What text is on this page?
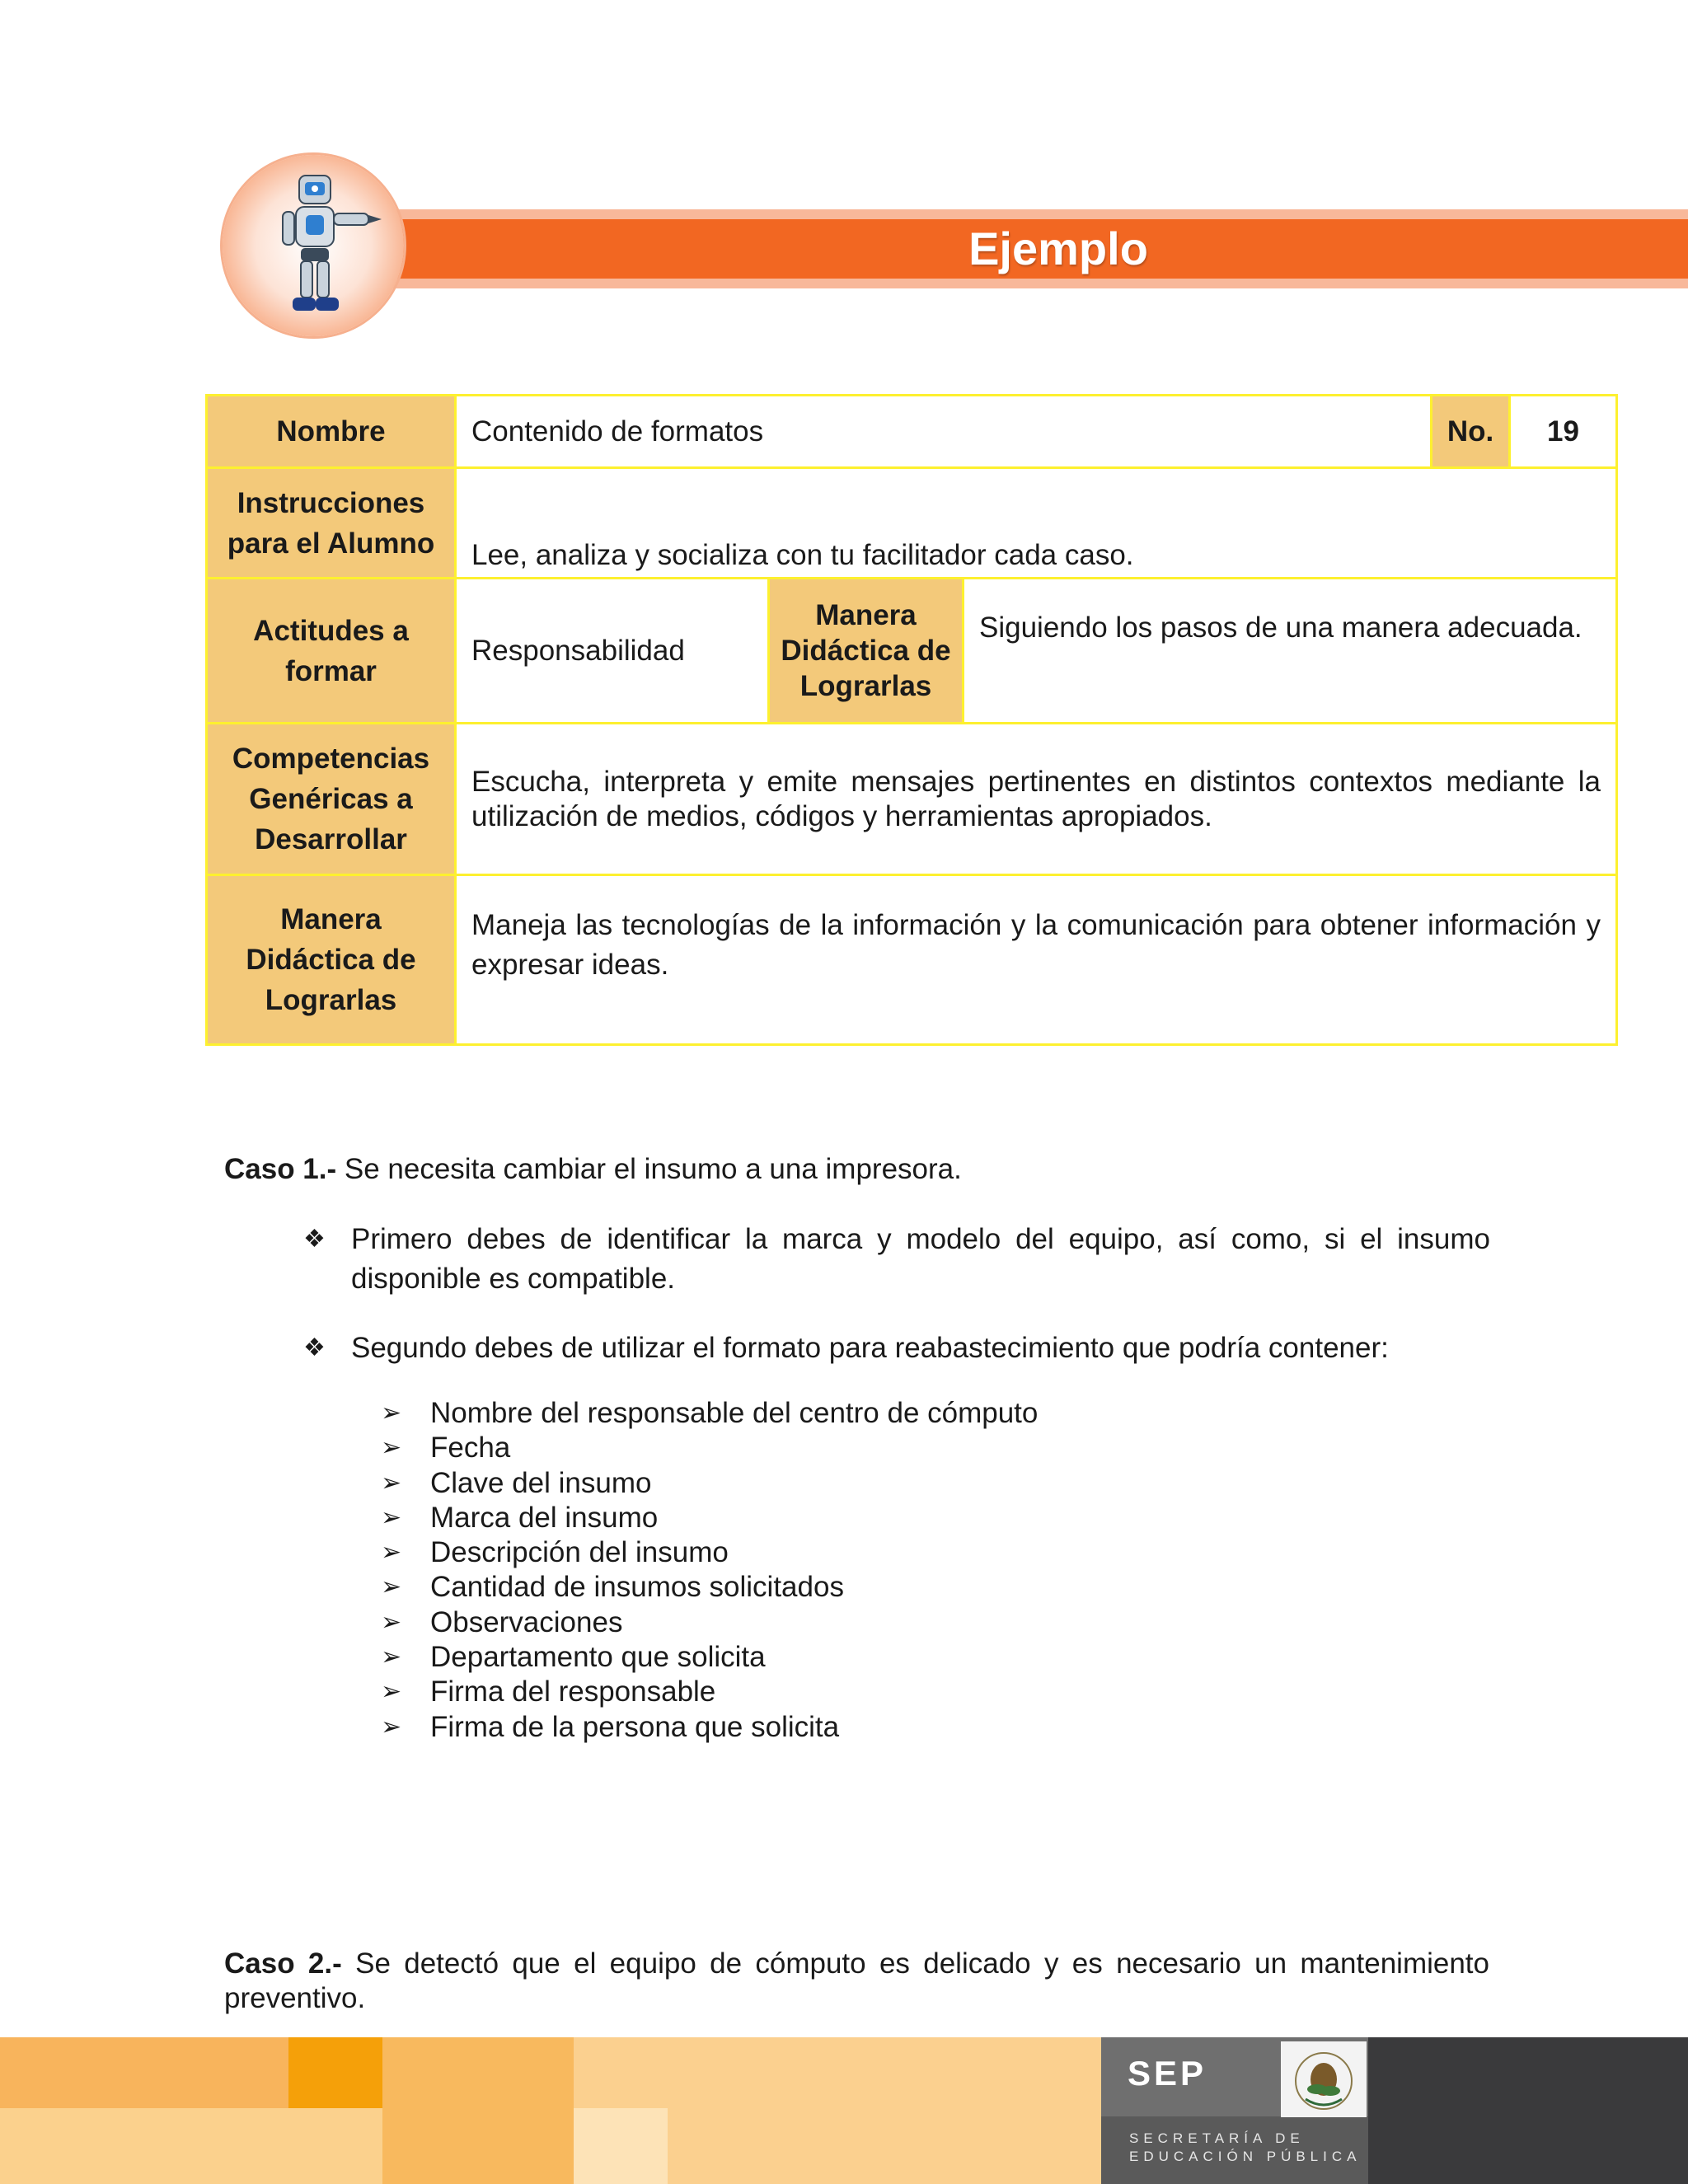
Ejemplo
Nombre	Contenido de formatos			No.	19
Instrucciones para el Alumno	Lee, analiza y socializa con tu facilitador cada caso.				
Actitudes a formar	Responsabilidad	Manera Didáctica de Lograrlas	Siguiendo los pasos de una manera adecuada.		
Competencias Genéricas a Desarrollar	Escucha, interpreta y emite mensajes pertinentes en distintos contextos mediante la utilización de medios, códigos y herramientas apropiados.				
Manera Didáctica de Lograrlas	Maneja las tecnologías de la información y la comunicación para obtener información y expresar ideas.				
Caso 1.- Se necesita cambiar el insumo a una impresora.
❖ Primero debes de identificar la marca y modelo del equipo, así como, si el insumo disponible es compatible.
❖ Segundo debes de utilizar el formato para reabastecimiento que podría contener:
➢ Nombre del responsable del centro de cómputo
➢ Fecha
➢ Clave del insumo
➢ Marca del insumo
➢ Descripción del insumo
➢ Cantidad de insumos solicitados
➢ Observaciones
➢ Departamento que solicita
➢ Firma del responsable
➢ Firma de la persona que solicita
Caso 2.- Se detectó que el equipo de cómputo es delicado y es necesario un mantenimiento preventivo.
SEP
SECRETARÍA DE
EDUCACIÓN PÚBLICA
